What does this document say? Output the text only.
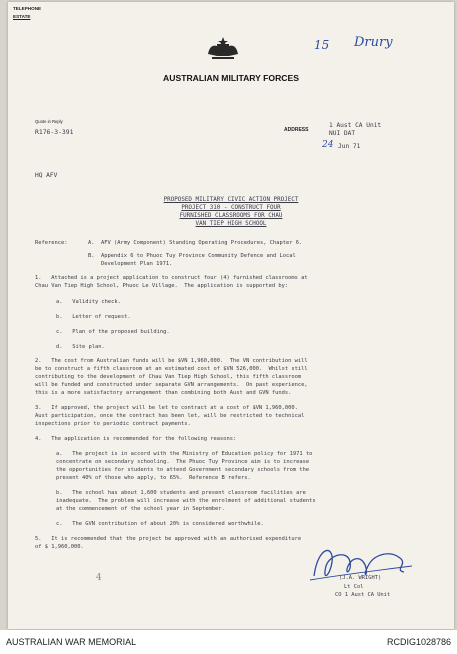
TELEPHONE
ESTATE
AUSTRALIAN MILITARY FORCES
15 Drury
Quote in Reply
R176-3-391	ADDRESS
1 Aust CA Unit
NUI DAT
24 Jun 71
HQ AFV
PROPOSED MILITARY CIVIC ACTION PROJECT
PROJECT 310 - CONSTRUCT FOUR
FURNISHED CLASSROOMS FOR CHAU
VAN TIEP HIGH SCHOOL
Reference:	A.  AFV (Army Component) Standing Operating Procedures, Chapter 6.
B.  Appendix 6 to Phuoc Tuy Province Community Defence and Local
Development Plan 1971.
1.   Attached is a project application to construct four (4) furnished classrooms at
Chau Van Tiep High School, Phuoc Le Village.  The application is supported by:
a.   Validity check.
b.   Letter of request.
c.   Plan of the proposed building.
d.   Site plan.
2.   The cost from Australian funds will be $VN 1,960,000.  The VN contribution will
be to construct a fifth classroom at an estimated cost of $VN 526,000.  Whilst still
contributing to the development of Chau Van Tiep High School, this fifth classroom
will be funded and constructed under separate GVN arrangements.  On past experience,
this is a more satisfactory arrangement than combining both Aust and GVN funds.
3.   If approved, the project will be let to contract at a cost of $VN 1,960,000.
Aust participation, once the contract has been let, will be restricted to technical
inspections prior to periodic contract payments.
4.   The application is recommended for the following reasons:
a.   The project is in accord with the Ministry of Education policy for 1971 to
concentrate on secondary schooling.  The Phuoc Tuy Province aim is to increase
the opportunities for students to attend Government secondary schools from the
present 40% of those who apply, to 65%.  Reference B refers.
b.   The school has about 1,600 students and present classroom facilities are
inadequate.  The problem will increase with the enrolment of additional students
at the commencement of the school year in September.
c.   The GVN contribution of about 20% is considered worthwhile.
5.   It is recommended that the project be approved with an authorised expenditure
of $ 1,960,000.
(J.A. WRIGHT)
Lt Col
CO 1 Aust CA Unit
4
AUSTRALIAN WAR MEMORIAL	RCDIG1028786
